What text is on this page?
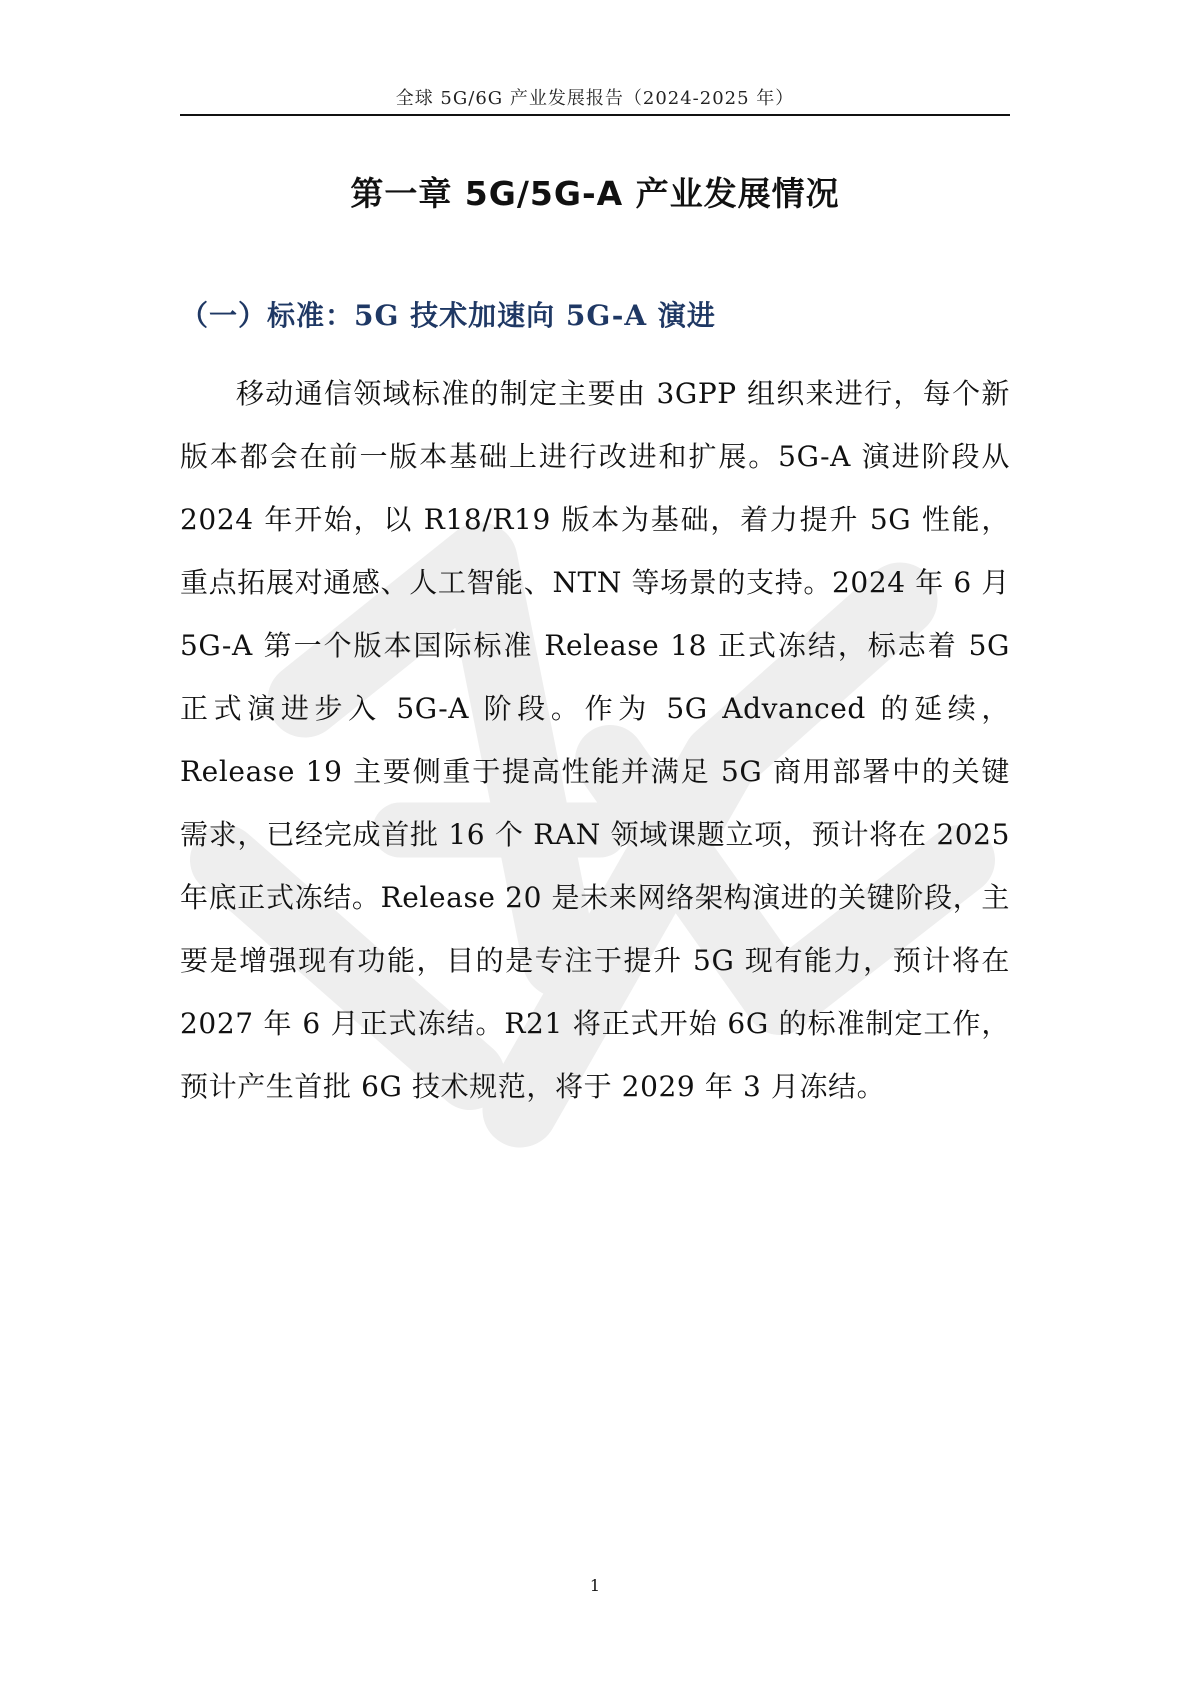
全球 5G/6G 产业发展报告（2024-2025 年）
第一章 5G/5G-A 产业发展情况
（一）标准：5G 技术加速向 5G-A 演进

移动通信领域标准的制定主要由 3GPP 组织来进行，每个新版本都会在前一版本基础上进行改进和扩展。5G-A 演进阶段从 2024 年开始，以 R18/R19 版本为基础，着力提升 5G 性能，重点拓展对通感、人工智能、NTN 等场景的支持。2024 年 6 月 5G-A 第一个版本国际标准 Release 18 正式冻结，标志着 5G 正式演进步入 5G-A 阶段。作为 5G Advanced 的延续，Release 19 主要侧重于提高性能并满足 5G 商用部署中的关键需求，已经完成首批 16 个 RAN 领域课题立项，预计将在 2025 年底正式冻结。Release 20 是未来网络架构演进的关键阶段，主要是增强现有功能，目的是专注于提升 5G 现有能力，预计将在 2027 年 6 月正式冻结。R21 将正式开始 6G 的标准制定工作，预计产生首批 6G 技术规范，将于 2029 年 3 月冻结。

1
